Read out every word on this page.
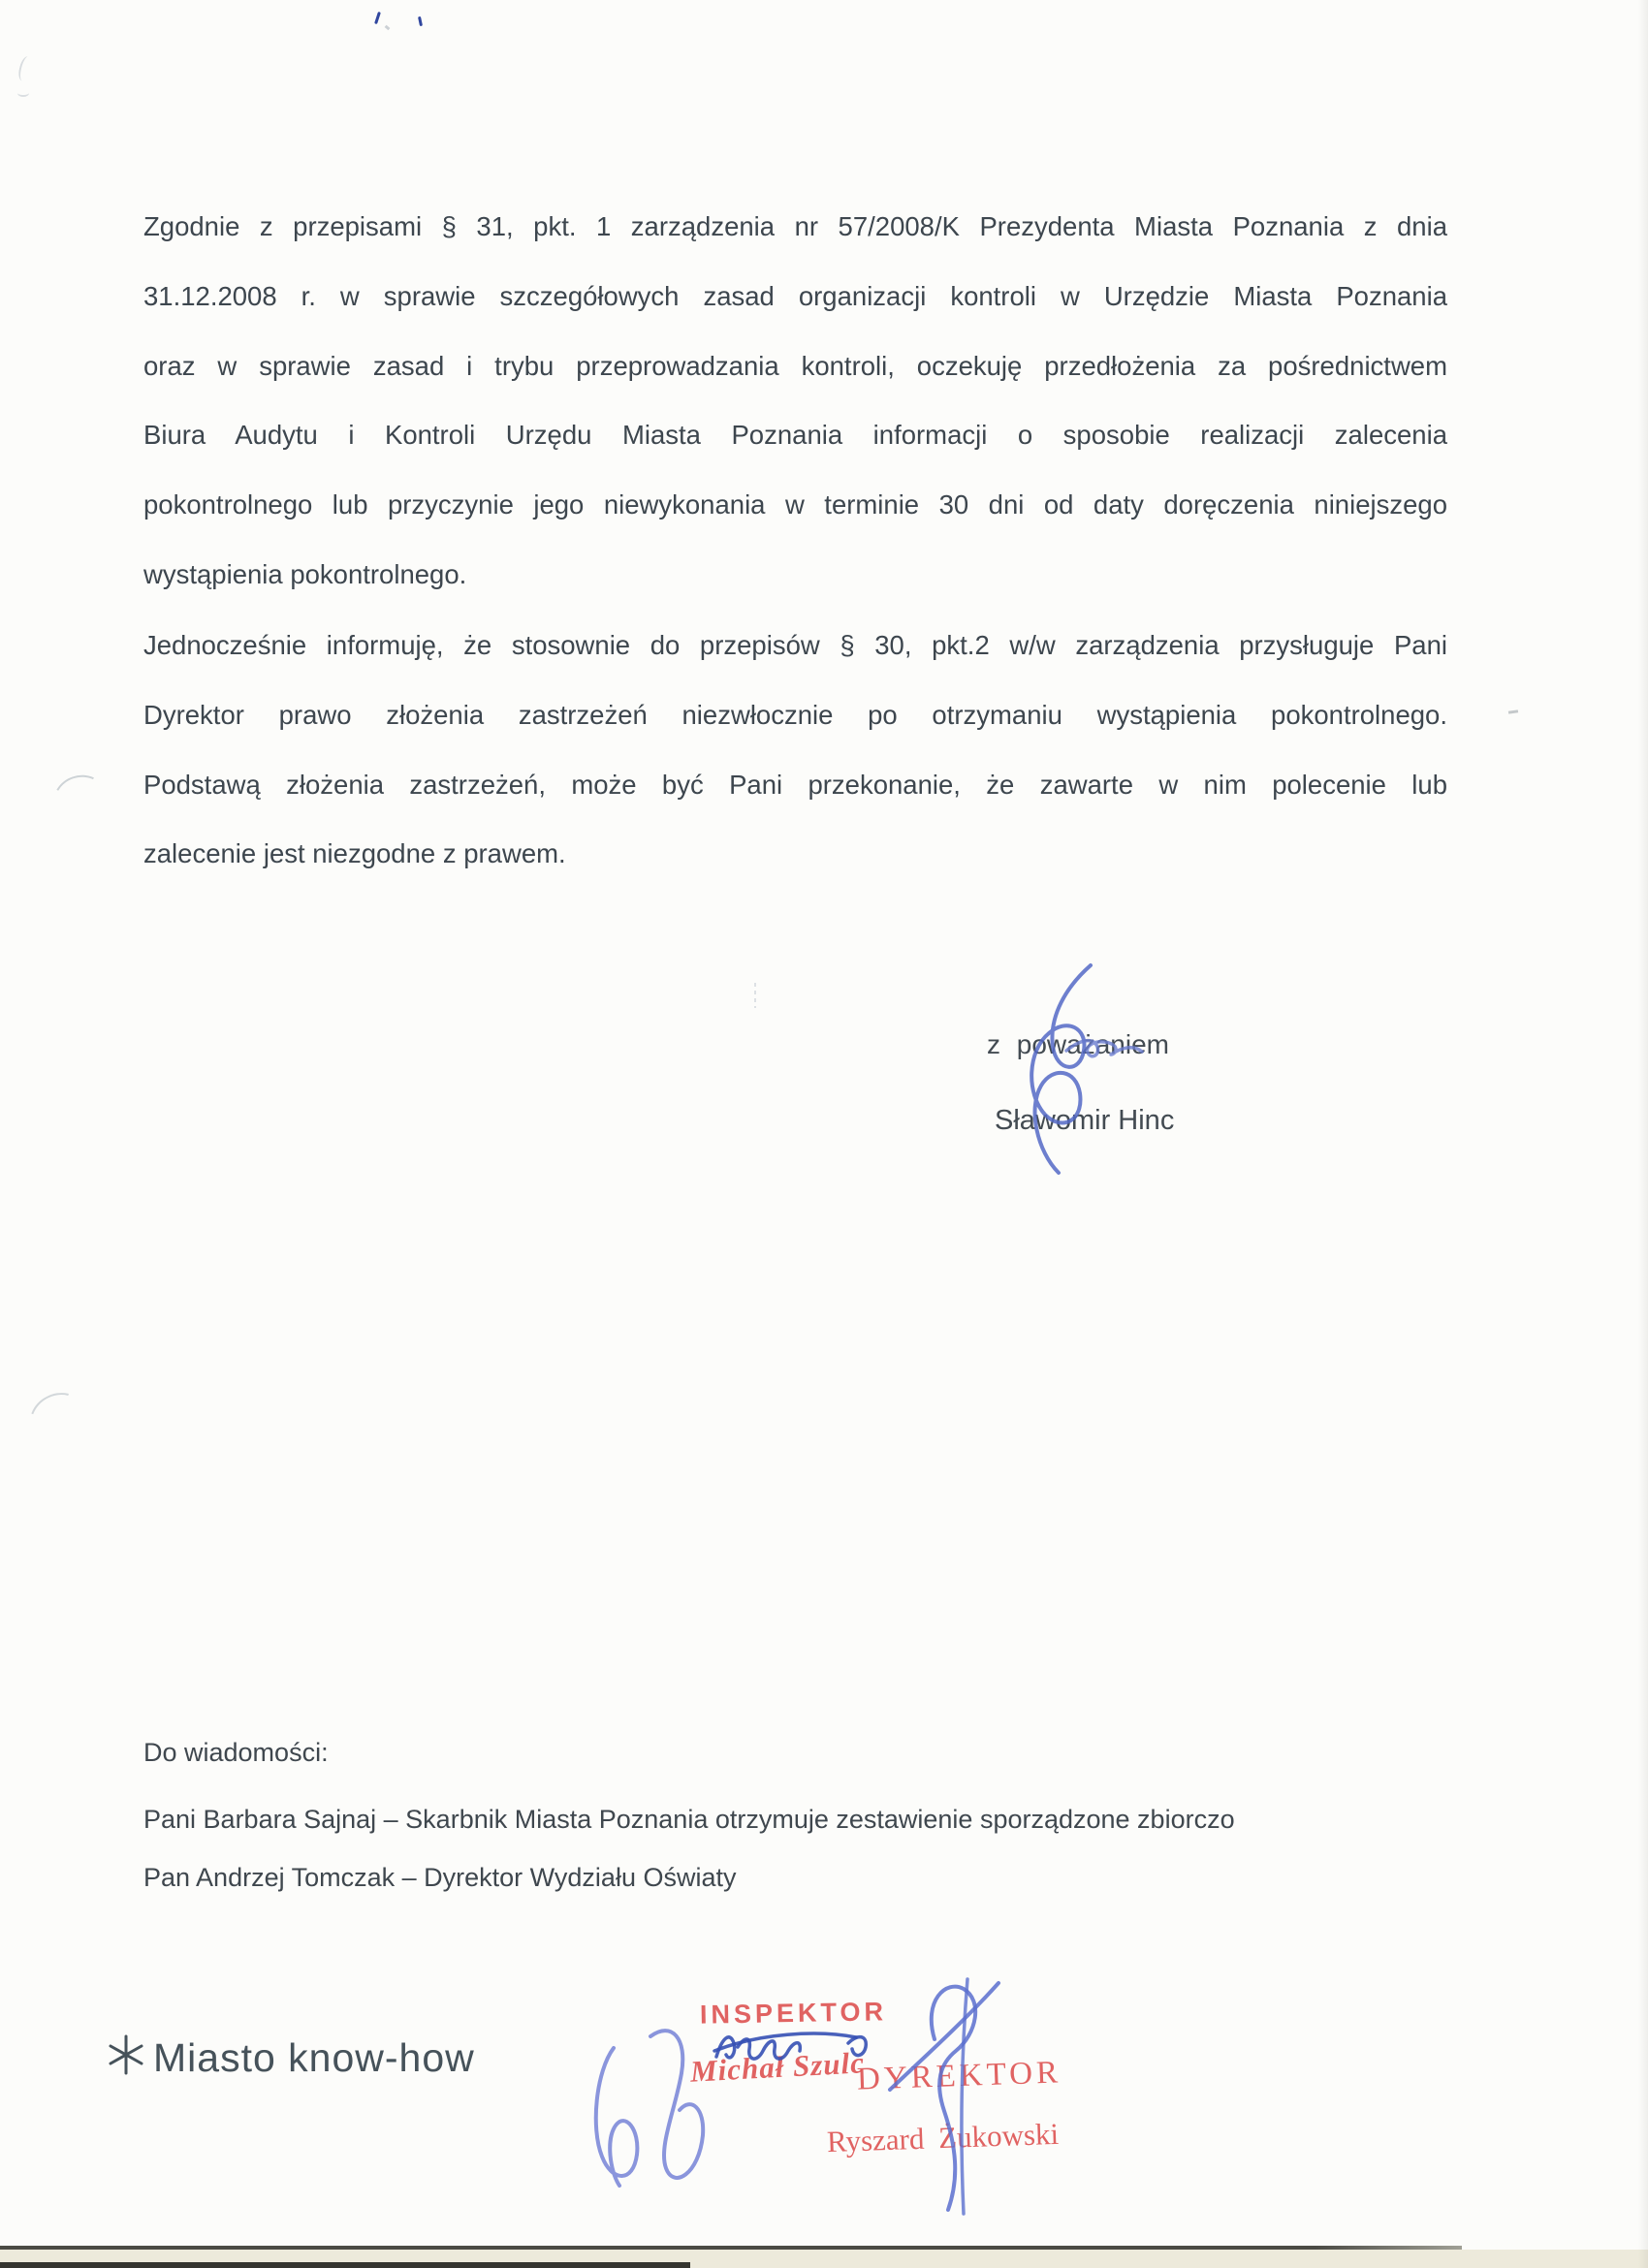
Zgodnie z przepisami § 31, pkt. 1 zarządzenia nr 57/2008/K Prezydenta Miasta Poznania z dnia
31.12.2008 r. w sprawie szczegółowych zasad organizacji kontroli w Urzędzie Miasta Poznania
oraz w sprawie zasad i trybu przeprowadzania kontroli, oczekuję przedłożenia za pośrednictwem
Biura Audytu i Kontroli Urzędu Miasta Poznania informacji o sposobie realizacji zalecenia
pokontrolnego lub przyczynie jego niewykonania w terminie 30 dni od daty doręczenia niniejszego
wystąpienia pokontrolnego.
Jednocześnie informuję, że stosownie do przepisów § 30, pkt.2 w/w zarządzenia przysługuje Pani
Dyrektor prawo złożenia zastrzeżeń niezwłocznie po otrzymaniu wystąpienia pokontrolnego.
Podstawą złożenia zastrzeżeń, może być Pani przekonanie, że zawarte w nim polecenie lub
zalecenie jest niezgodne z prawem.
z poważaniem
Sławomir Hinc
Do wiadomości:
Pani Barbara Sajnaj – Skarbnik Miasta Poznania otrzymuje zestawienie sporządzone zbiorczo
Pan Andrzej Tomczak – Dyrektor Wydziału Oświaty
Miasto know-how
INSPEKTOR
Michał Szulc
DYREKTOR
Ryszard Żukowski
